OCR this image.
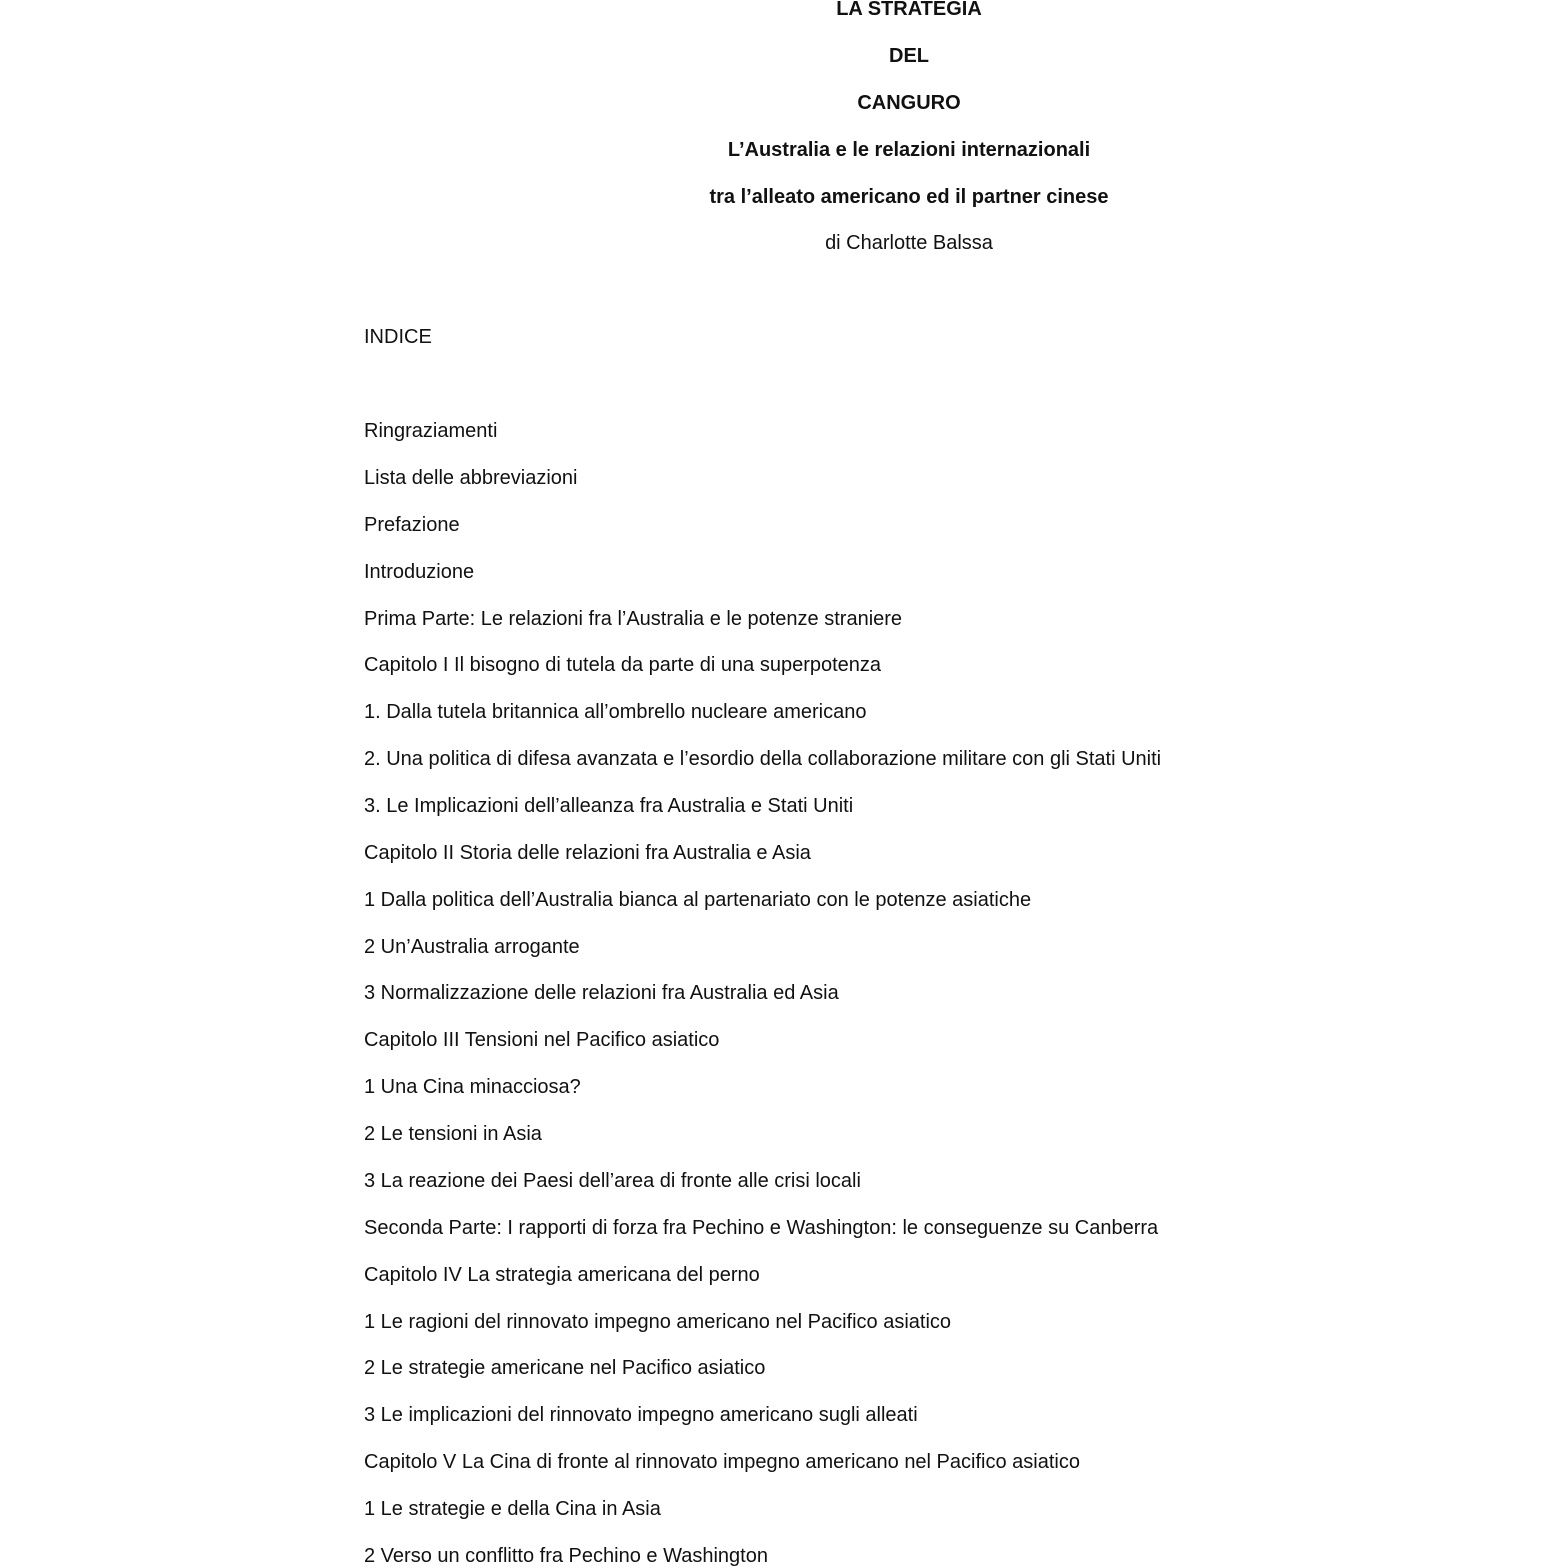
LA STRATEGIA
DEL
CANGURO
L’Australia e le relazioni internazionali
tra l’alleato americano ed il partner cinese
di Charlotte Balssa
INDICE
Ringraziamenti
Lista delle abbreviazioni
Prefazione
Introduzione
Prima Parte: Le relazioni fra l’Australia e le potenze straniere
Capitolo I Il bisogno di tutela da parte di una superpotenza
1. Dalla tutela britannica all’ombrello nucleare americano
2. Una politica di difesa avanzata e l’esordio della collaborazione militare con gli Stati Uniti
3. Le Implicazioni dell’alleanza fra Australia e Stati Uniti
Capitolo II Storia delle relazioni fra Australia e Asia
1 Dalla politica dell’Australia bianca al partenariato con le potenze asiatiche
2 Un’Australia arrogante
3 Normalizzazione delle relazioni fra Australia ed Asia
Capitolo III Tensioni nel Pacifico asiatico
1 Una Cina minacciosa?
2 Le tensioni in Asia
3 La reazione dei Paesi dell’area di fronte alle crisi locali
Seconda Parte: I rapporti di forza fra Pechino e Washington: le conseguenze su Canberra
Capitolo IV La strategia americana del perno
1 Le ragioni del rinnovato impegno americano nel Pacifico asiatico
2 Le strategie americane nel Pacifico asiatico
3 Le implicazioni del rinnovato impegno americano sugli alleati
Capitolo V La Cina di fronte al rinnovato impegno americano nel Pacifico asiatico
1 Le strategie e della Cina in Asia
2 Verso un conflitto fra Pechino e Washington
